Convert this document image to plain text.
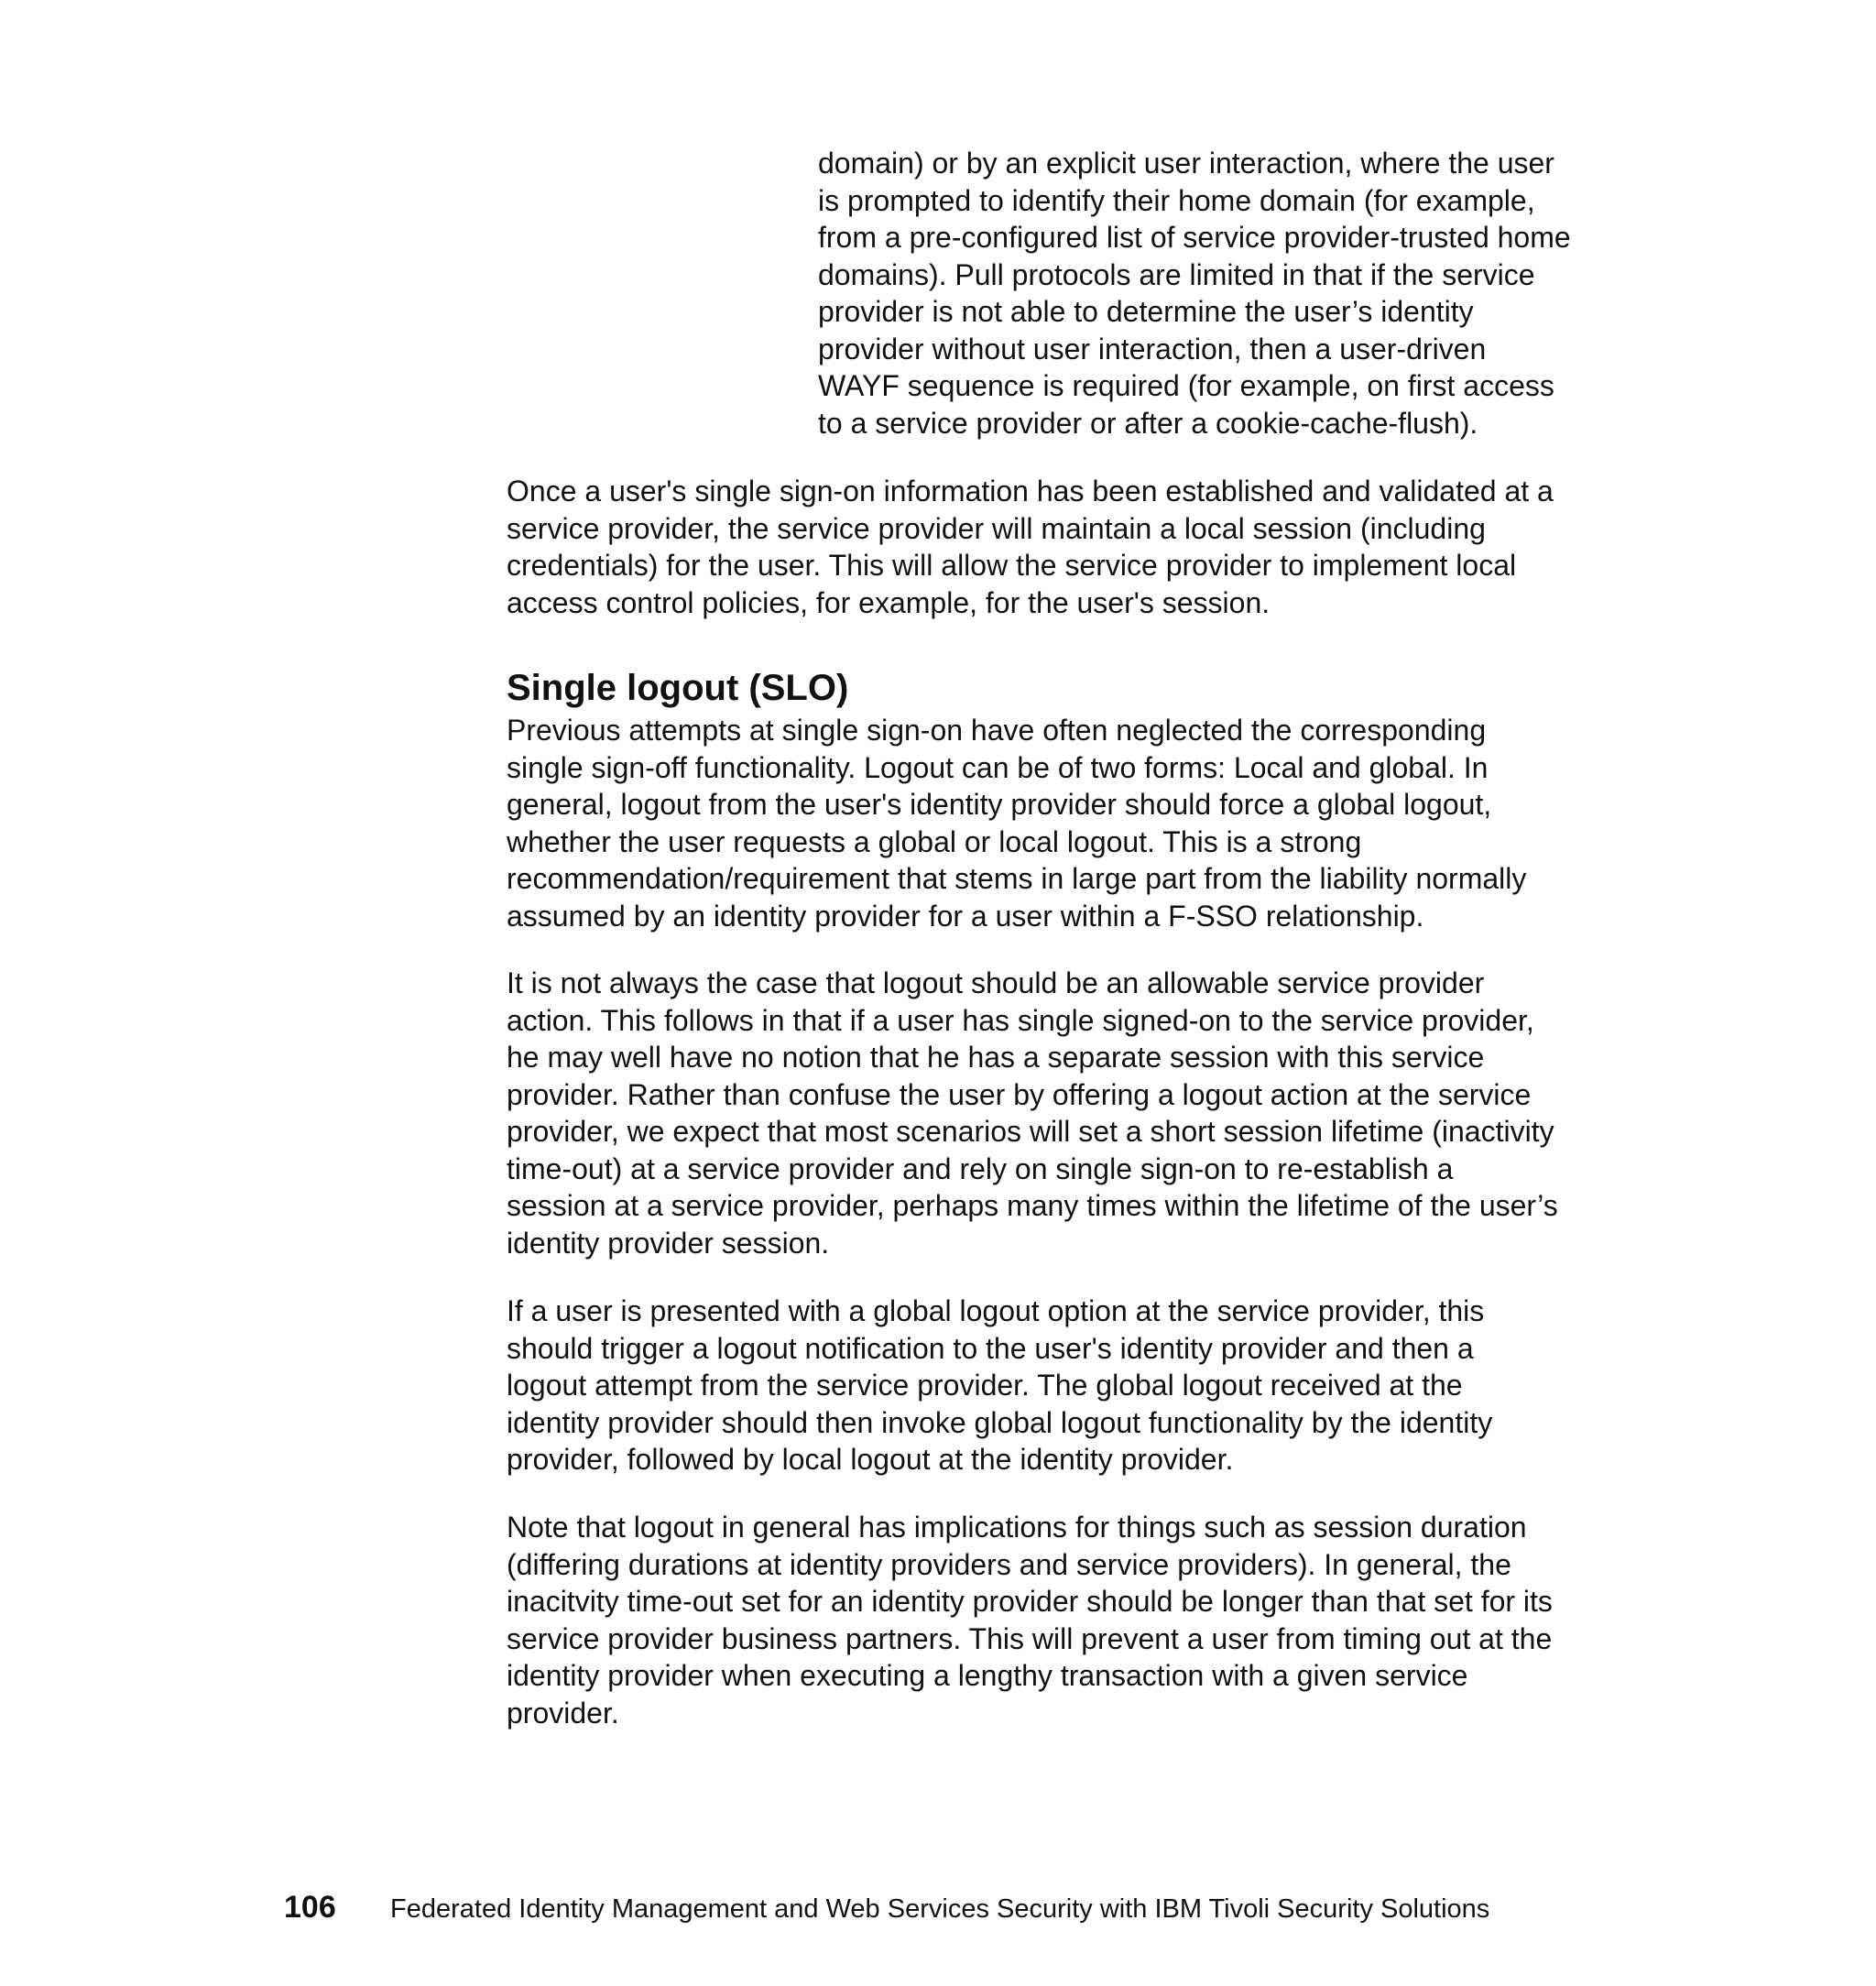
domain) or by an explicit user interaction, where the user
is prompted to identify their home domain (for example,
from a pre-configured list of service provider-trusted home
domains). Pull protocols are limited in that if the service
provider is not able to determine the user’s identity
provider without user interaction, then a user-driven
WAYF sequence is required (for example, on first access
to a service provider or after a cookie-cache-flush).

Once a user's single sign-on information has been established and validated at a
service provider, the service provider will maintain a local session (including
credentials) for the user. This will allow the service provider to implement local
access control policies, for example, for the user's session.

Single logout (SLO)

Previous attempts at single sign-on have often neglected the corresponding
single sign-off functionality. Logout can be of two forms: Local and global. In
general, logout from the user's identity provider should force a global logout,
whether the user requests a global or local logout. This is a strong
recommendation/requirement that stems in large part from the liability normally
assumed by an identity provider for a user within a F-SSO relationship.

It is not always the case that logout should be an allowable service provider
action. This follows in that if a user has single signed-on to the service provider,
he may well have no notion that he has a separate session with this service
provider. Rather than confuse the user by offering a logout action at the service
provider, we expect that most scenarios will set a short session lifetime (inactivity
time-out) at a service provider and rely on single sign-on to re-establish a
session at a service provider, perhaps many times within the lifetime of the user’s
identity provider session.

If a user is presented with a global logout option at the service provider, this
should trigger a logout notification to the user's identity provider and then a
logout attempt from the service provider. The global logout received at the
identity provider should then invoke global logout functionality by the identity
provider, followed by local logout at the identity provider.

Note that logout in general has implications for things such as session duration
(differing durations at identity providers and service providers). In general, the
inacitvity time-out set for an identity provider should be longer than that set for its
service provider business partners. This will prevent a user from timing out at the
identity provider when executing a lengthy transaction with a given service
provider.

106 Federated Identity Management and Web Services Security with IBM Tivoli Security Solutions
